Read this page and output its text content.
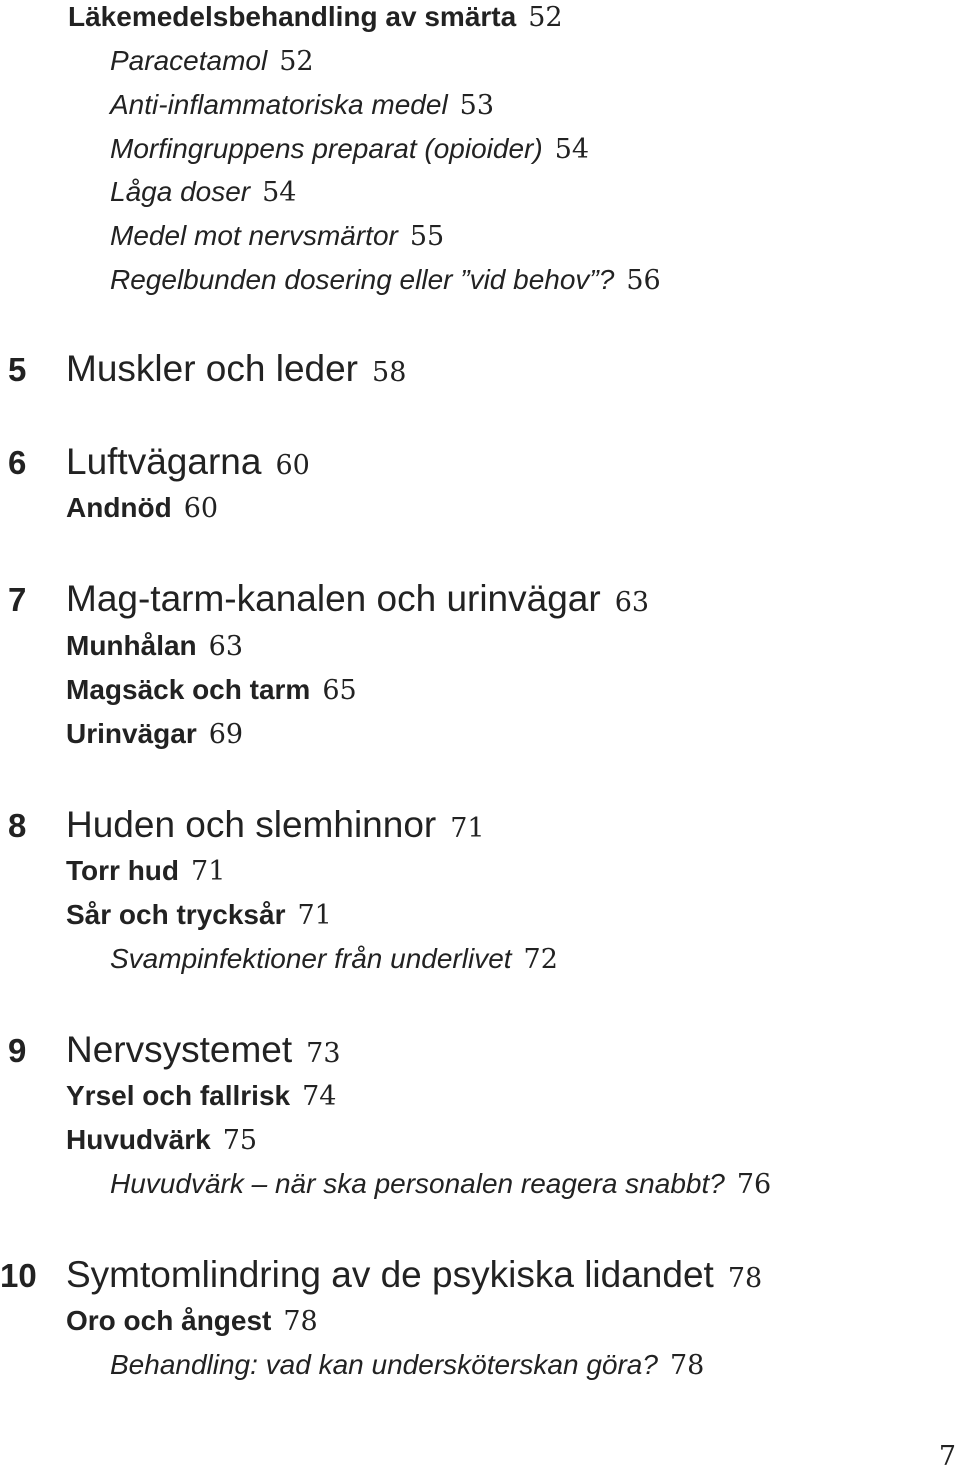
Läkemedelsbehandling av smärta 52
Paracetamol 52
Anti-inflammatoriska medel 53
Morfingruppens preparat (opioider) 54
Låga doser 54
Medel mot nervsmärtor 55
Regelbunden dosering eller ”vid behov”? 56
5 Muskler och leder 58
6 Luftvägarna 60
Andnöd 60
7 Mag-tarm-kanalen och urinvägar 63
Munhålan 63
Magsäck och tarm 65
Urinvägar 69
8 Huden och slemhinnor 71
Torr hud 71
Sår och trycksår 71
Svampinfektioner från underlivet 72
9 Nervsystemet 73
Yrsel och fallrisk 74
Huvudvärk 75
Huvudvärk – när ska personalen reagera snabbt? 76
10 Symtomlindring av de psykiska lidandet 78
Oro och ångest 78
Behandling: vad kan undersköterskan göra? 78
7
